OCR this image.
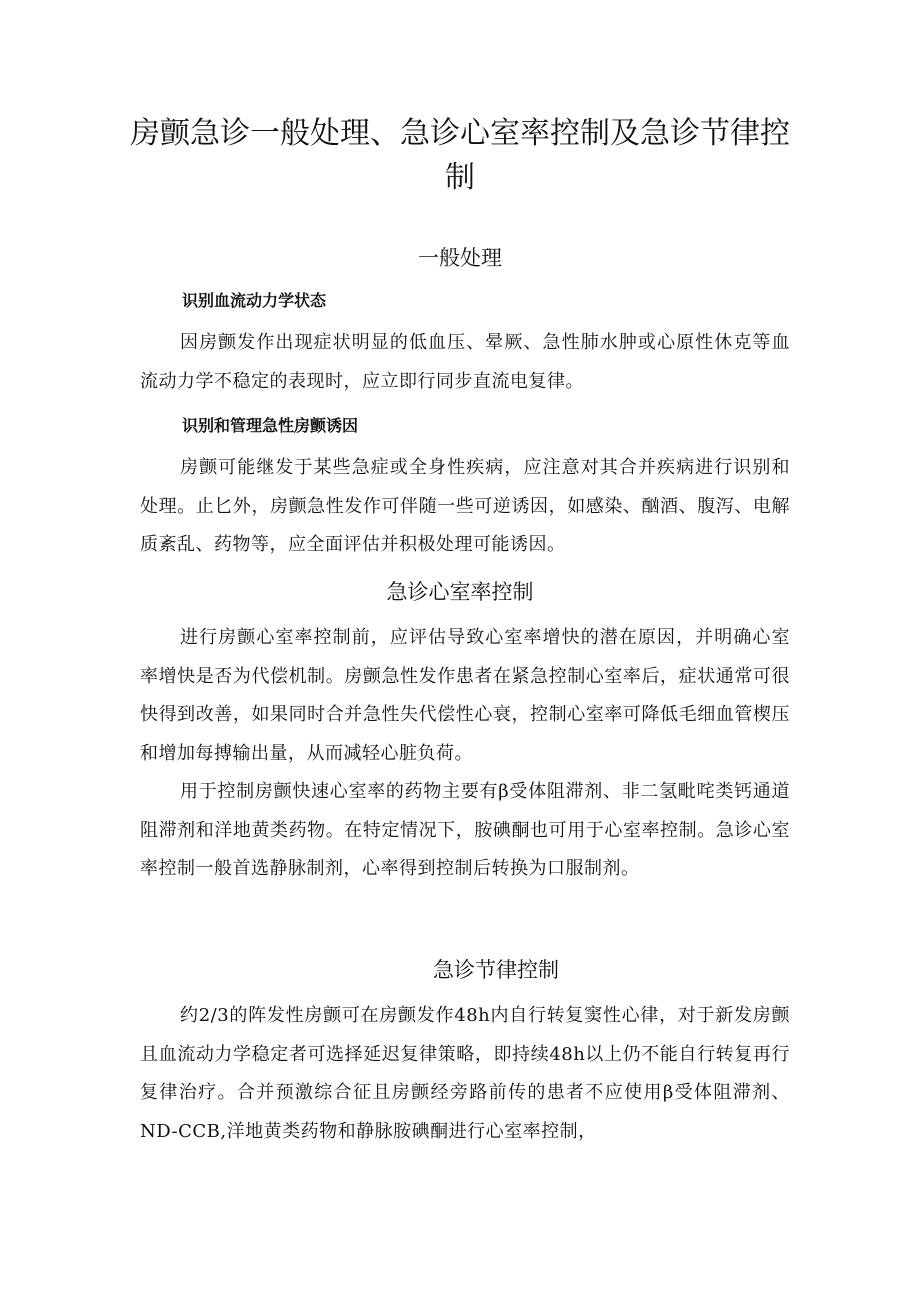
房颤急诊一般处理、急诊心室率控制及急诊节律控制
一般处理
识别血流动力学状态

因房颤发作出现症状明显的低血压、晕厥、急性肺水肿或心原性休克等血流动力学不稳定的表现时，应立即行同步直流电复律。

识别和管理急性房颤诱因

房颤可能继发于某些急症或全身性疾病，应注意对其合并疾病进行识别和处理。止匕外，房颤急性发作可伴随一些可逆诱因，如感染、酗酒、腹泻、电解质紊乱、药物等，应全面评估并积极处理可能诱因。

急诊心室率控制

进行房颤心室率控制前，应评估导致心室率增快的潜在原因，并明确心室率增快是否为代偿机制。房颤急性发作患者在紧急控制心室率后，症状通常可很快得到改善，如果同时合并急性失代偿性心衰，控制心室率可降低毛细血管楔压和增加每搏输出量，从而减轻心脏负荷。

用于控制房颤快速心室率的药物主要有β受体阻滞剂、非二氢毗咤类钙通道阻滞剂和洋地黄类药物。在特定情况下，胺碘酮也可用于心室率控制。急诊心室率控制一般首选静脉制剂，心率得到控制后转换为口服制剂。

急诊节律控制

约2/3的阵发性房颤可在房颤发作48h内自行转复窦性心律，对于新发房颤且血流动力学稳定者可选择延迟复律策略，即持续48h以上仍不能自行转复再行复律治疗。合并预激综合征且房颤经旁路前传的患者不应使用β受体阻滞剂、ND-CCB,洋地黄类药物和静脉胺碘酮进行心室率控制，
